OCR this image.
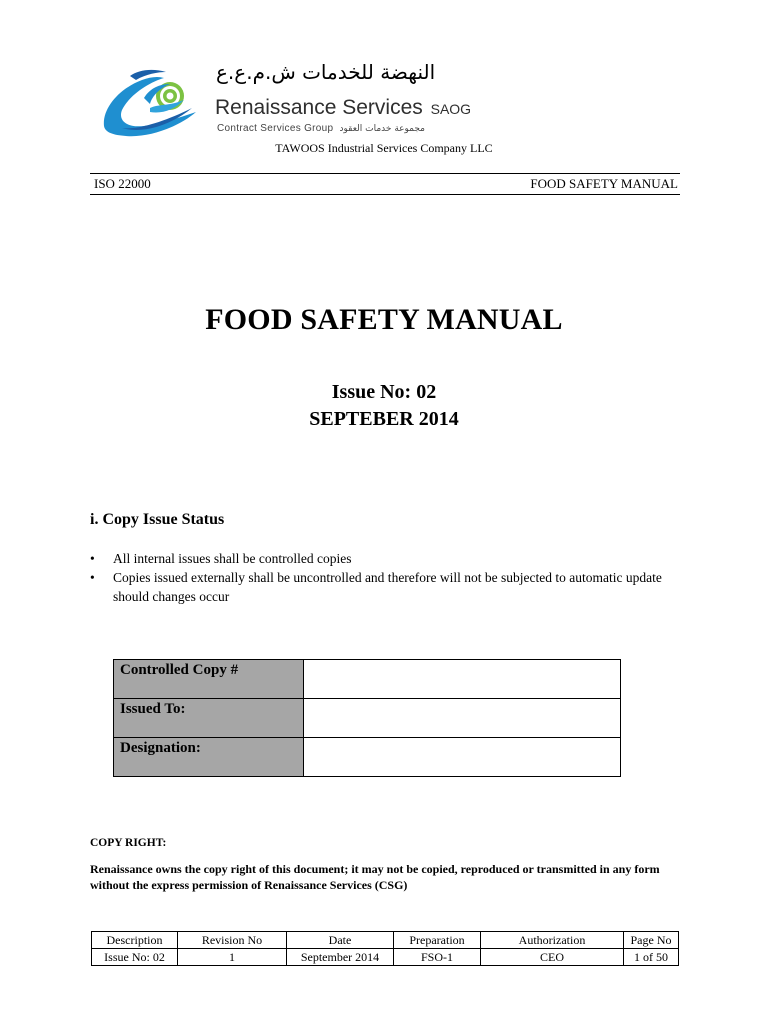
النهضة للخدمات ش.م.ع.ع
Renaissance Services SAOG
Contract Services Group مجموعة خدمات العقود
TAWOOS Industrial Services Company LLC
ISO 22000	FOOD SAFETY MANUAL
FOOD SAFETY MANUAL
Issue No: 02
SEPTEBER 2014
i. Copy Issue Status
• All internal issues shall be controlled copies
• Copies issued externally shall be uncontrolled and therefore will not be subjected to automatic update should changes occur
Controlled Copy #	
Issued To:	
Designation:	
COPY RIGHT:
Renaissance owns the copy right of this document; it may not be copied, reproduced or transmitted in any form without the express permission of Renaissance Services (CSG)
Description	Revision No	Date	Preparation	Authorization	Page No
Issue No: 02	1	September 2014	FSO-1	CEO	1 of 50
